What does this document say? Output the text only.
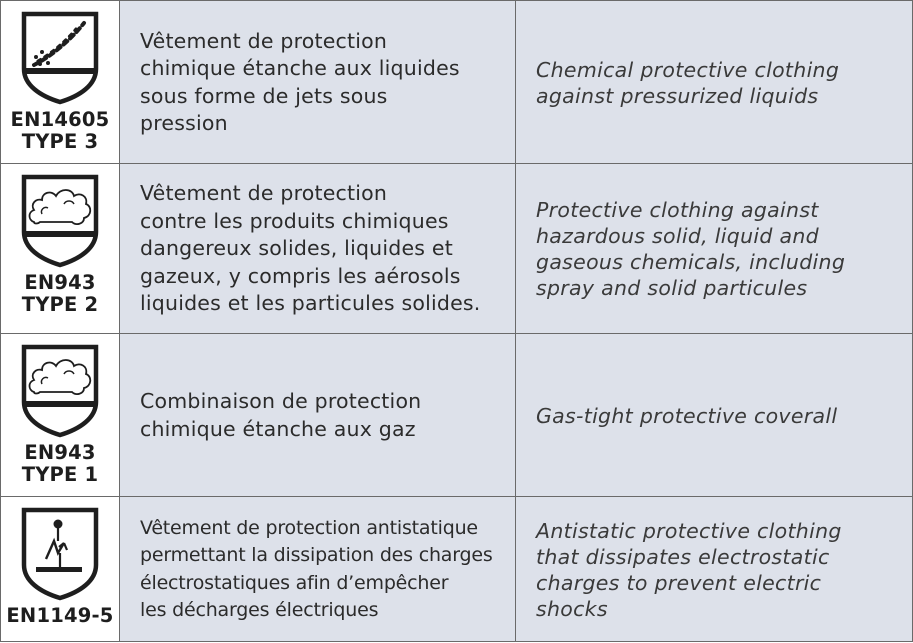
EN14605
TYPE 3
Vêtement de protection
chimique étanche aux liquides
sous forme de jets sous
pression
Chemical protective clothing
against pressurized liquids
EN943
TYPE 2
Vêtement de protection
contre les produits chimiques
dangereux solides, liquides et
gazeux, y compris les aérosols
liquides et les particules solides.
Protective clothing against
hazardous solid, liquid and
gaseous chemicals, including
spray and solid particules
EN943
TYPE 1
Combinaison de protection
chimique étanche aux gaz
Gas-tight protective coverall
EN1149-5
Vêtement de protection antistatique
permettant la dissipation des charges
électrostatiques afin d’empêcher
les décharges électriques
Antistatic protective clothing
that dissipates electrostatic
charges to prevent electric
shocks
